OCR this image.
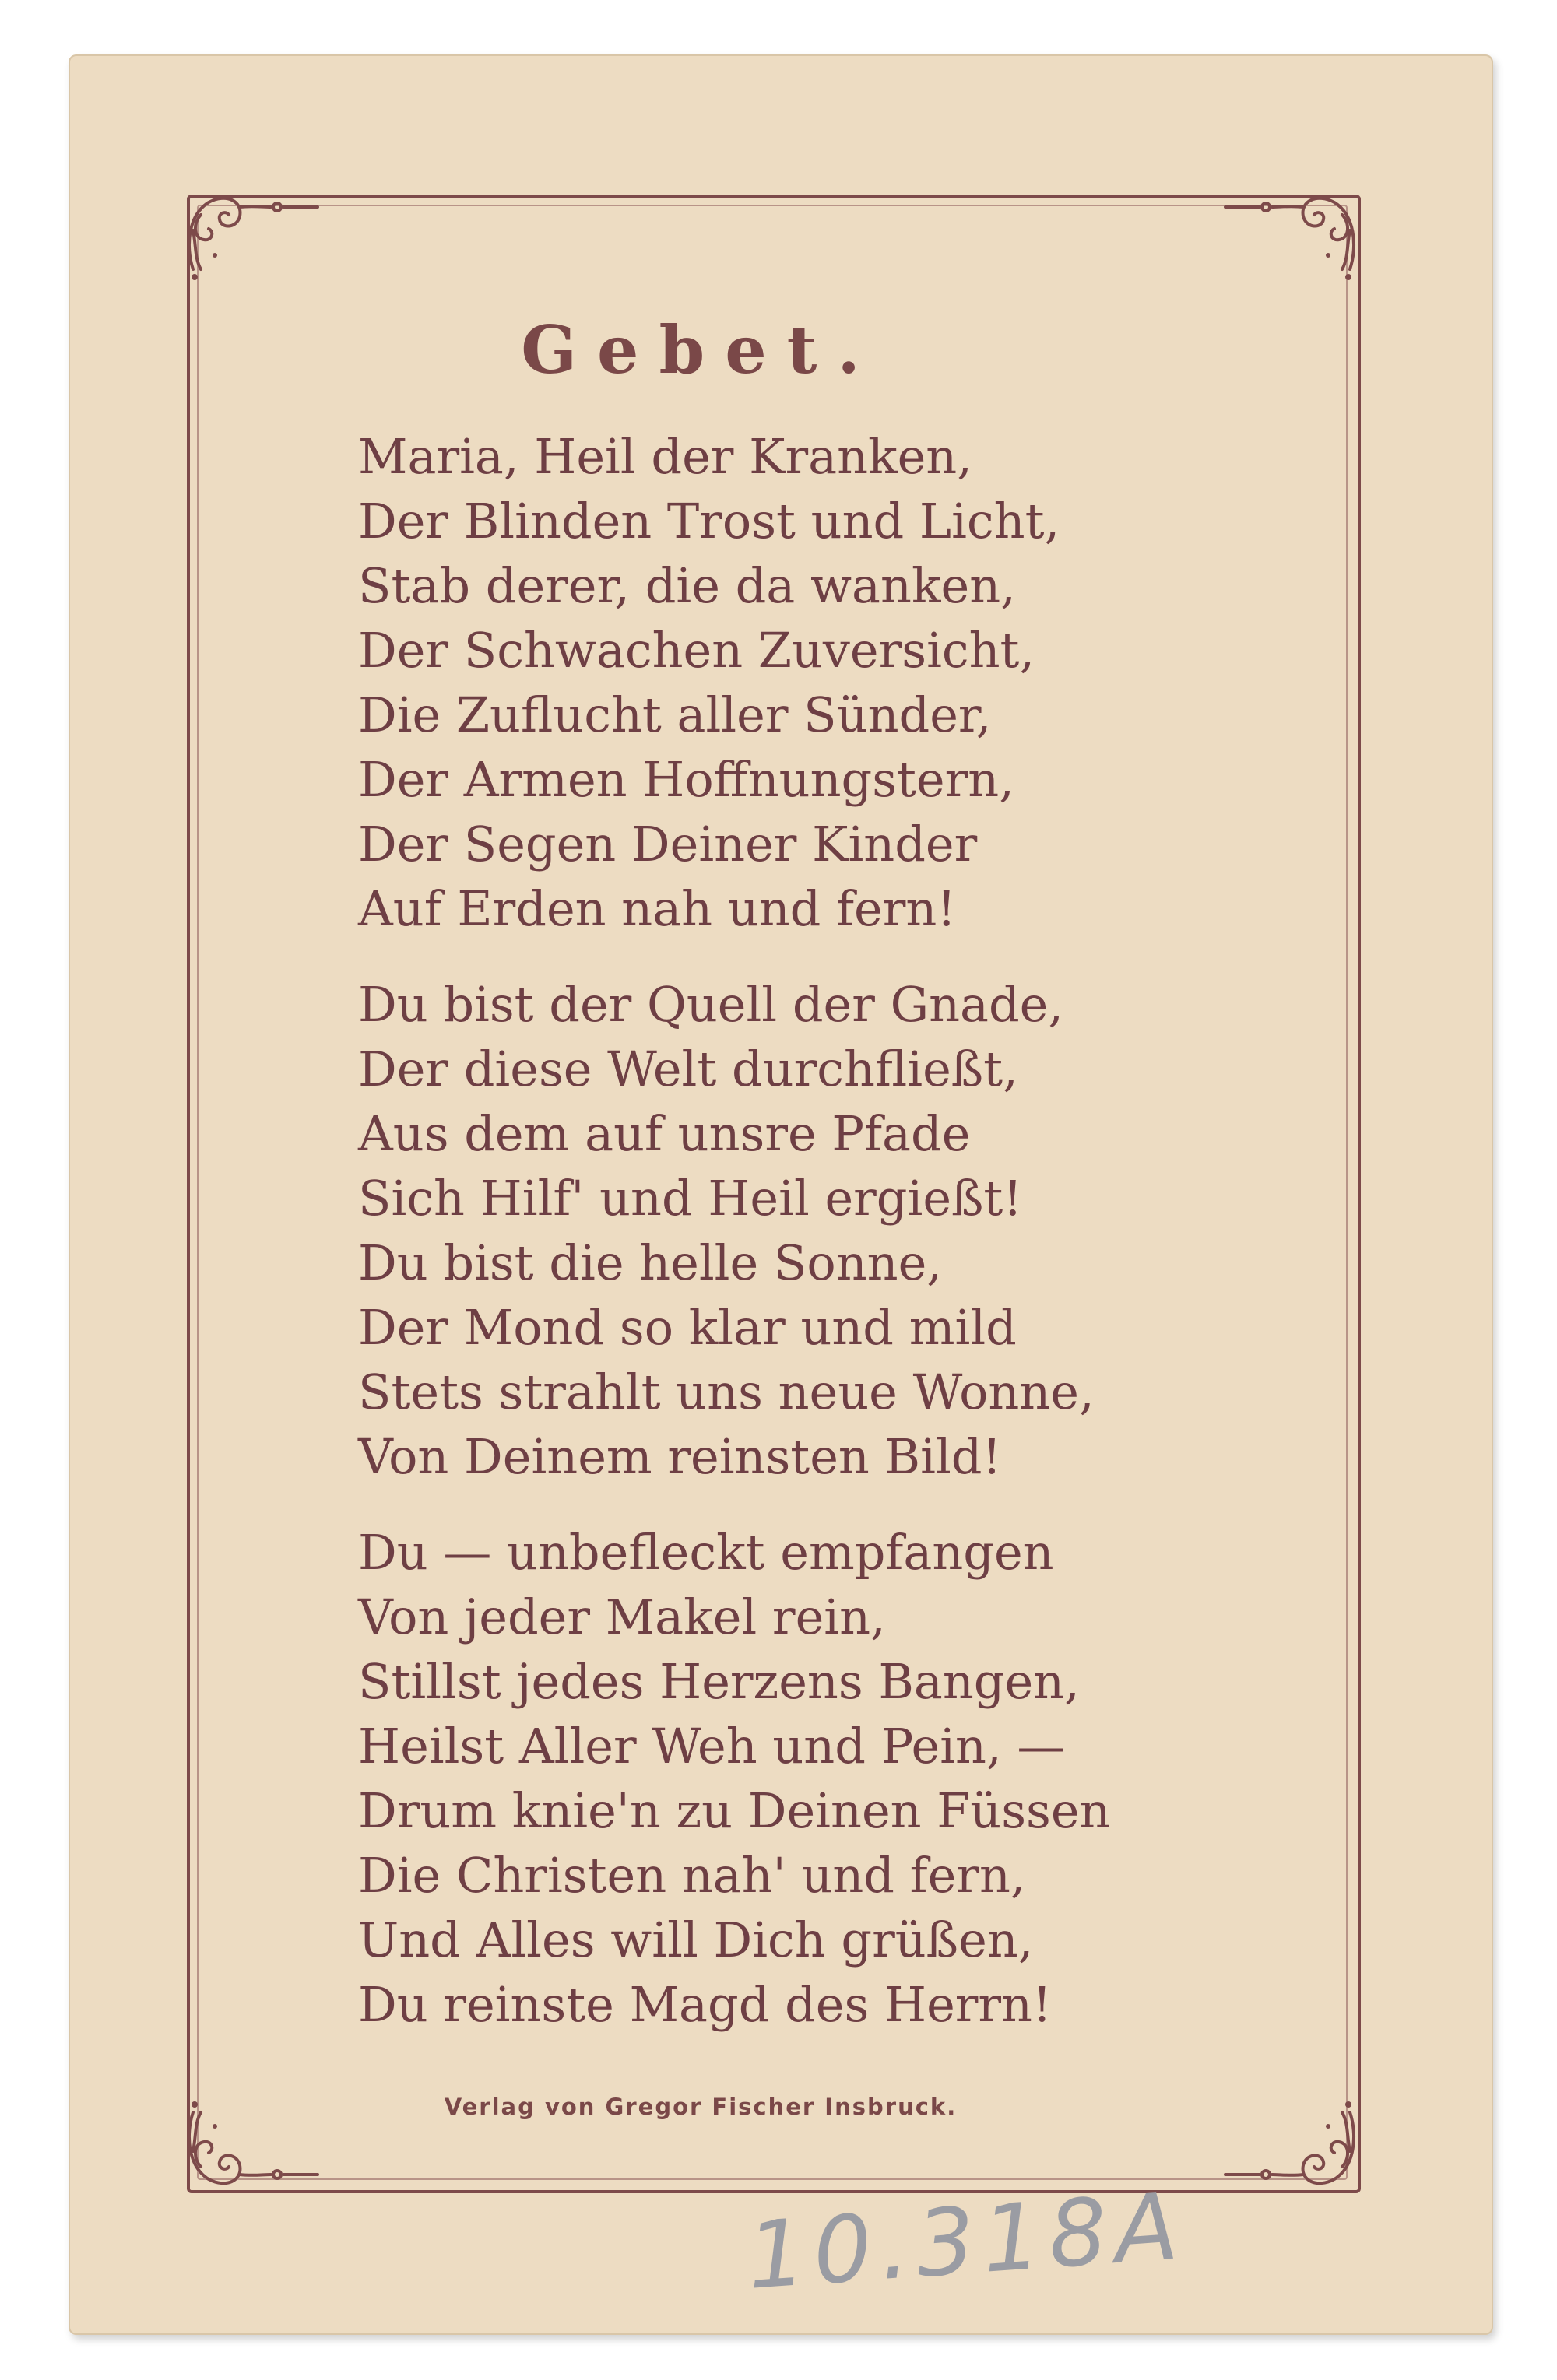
Gebet.
Maria, Heil der Kranken,
Der Blinden Trost und Licht,
Stab derer, die da wanken,
Der Schwachen Zuversicht,
Die Zuflucht aller Sünder,
Der Armen Hoffnungstern,
Der Segen Deiner Kinder
Auf Erden nah und fern!
Du bist der Quell der Gnade,
Der diese Welt durchfließt,
Aus dem auf unsre Pfade
Sich Hilf' und Heil ergießt!
Du bist die helle Sonne,
Der Mond so klar und mild
Stets strahlt uns neue Wonne,
Von Deinem reinsten Bild!
Du — unbefleckt empfangen
Von jeder Makel rein,
Stillst jedes Herzens Bangen,
Heilst Aller Weh und Pein, —
Drum knie'n zu Deinen Füssen
Die Christen nah' und fern,
Und Alles will Dich grüßen,
Du reinste Magd des Herrn!
Verlag von Gregor Fischer Insbruck.
10.318A
